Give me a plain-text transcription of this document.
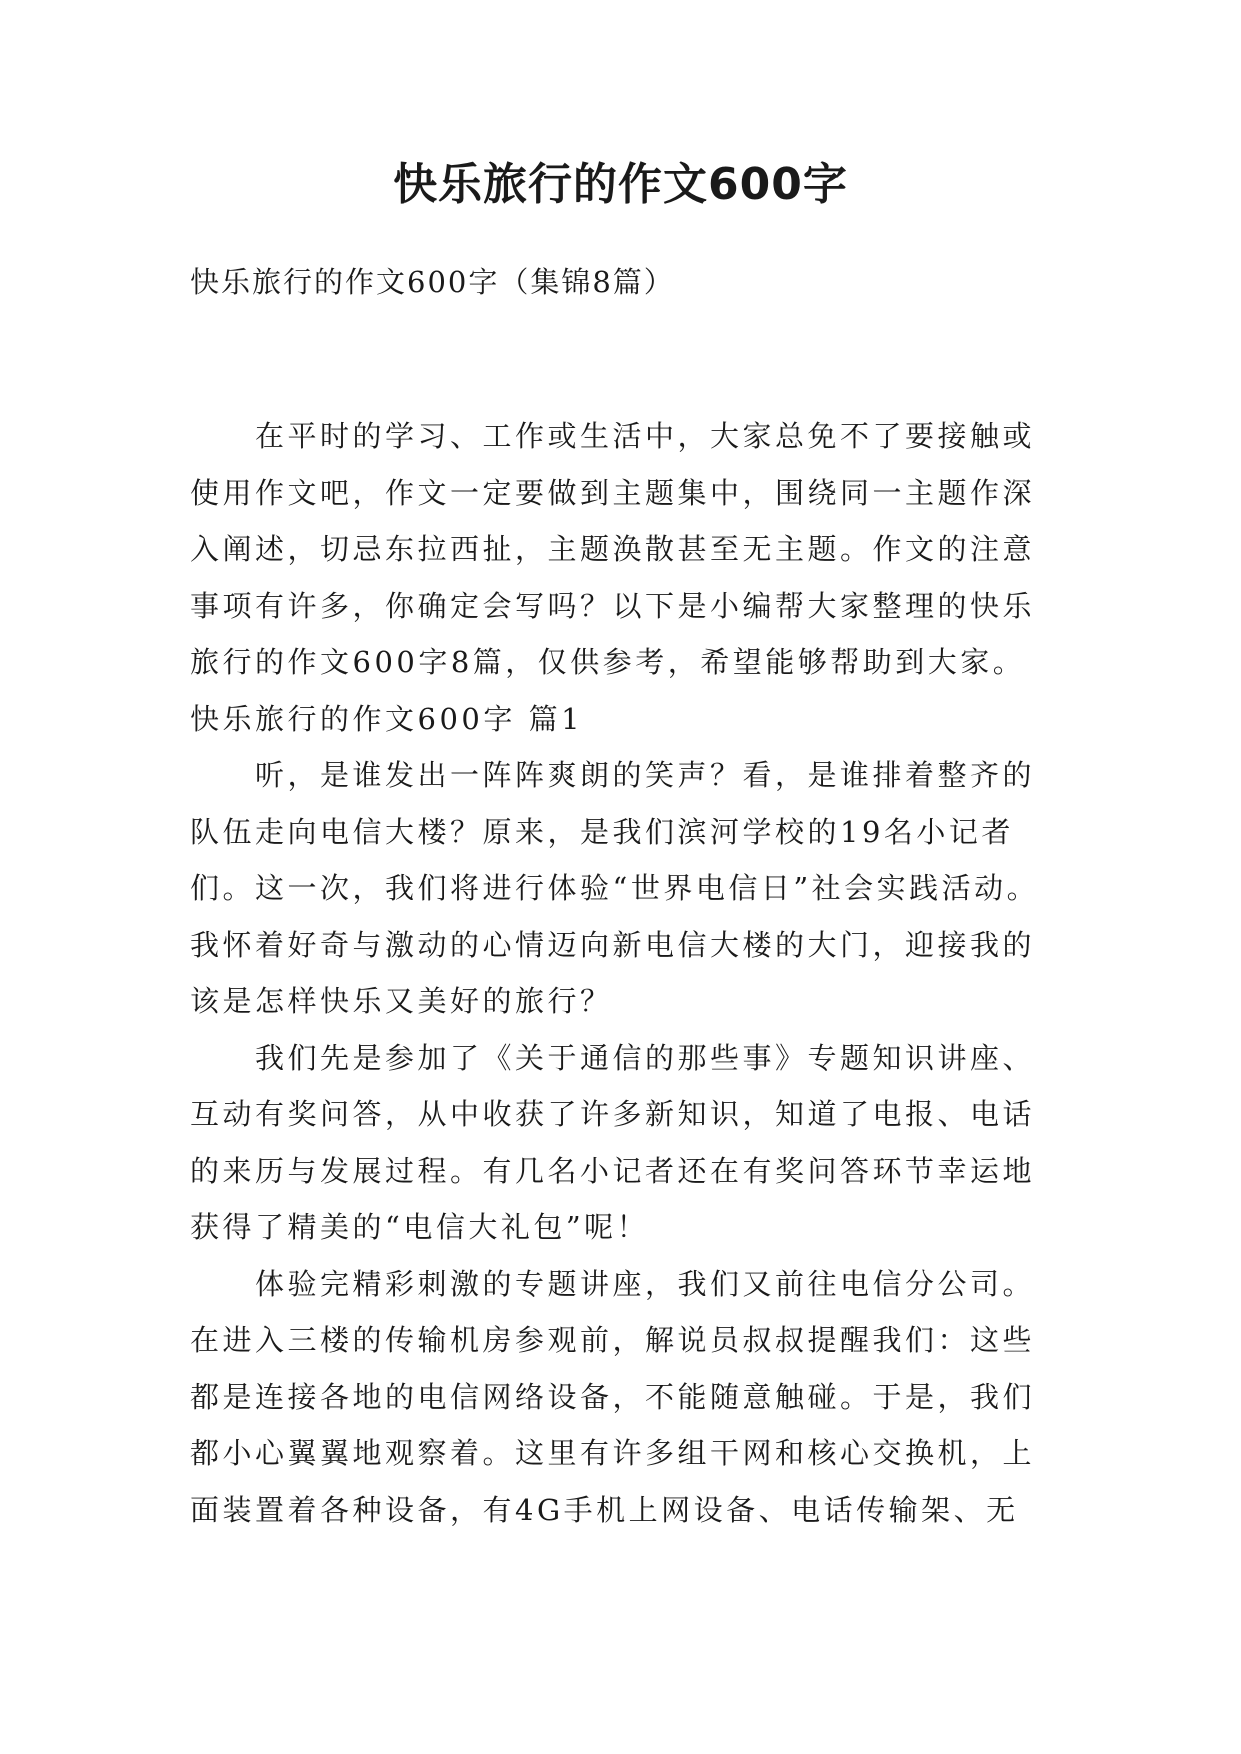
快乐旅行的作文600字
快乐旅行的作文600字（集锦8篇）
在平时的学习、工作或生活中，大家总免不了要接触或
使用作文吧，作文一定要做到主题集中，围绕同一主题作深
入阐述，切忌东拉西扯，主题涣散甚至无主题。作文的注意
事项有许多，你确定会写吗？以下是小编帮大家整理的快乐
旅行的作文600字8篇，仅供参考，希望能够帮助到大家。
快乐旅行的作文600字 篇1
听，是谁发出一阵阵爽朗的笑声？看，是谁排着整齐的
队伍走向电信大楼？原来，是我们滨河学校的19名小记者
们。这一次，我们将进行体验“世界电信日”社会实践活动。
我怀着好奇与激动的心情迈向新电信大楼的大门，迎接我的
该是怎样快乐又美好的旅行？
我们先是参加了《关于通信的那些事》专题知识讲座、
互动有奖问答，从中收获了许多新知识，知道了电报、电话
的来历与发展过程。有几名小记者还在有奖问答环节幸运地
获得了精美的“电信大礼包”呢！
体验完精彩刺激的专题讲座，我们又前往电信分公司。
在进入三楼的传输机房参观前，解说员叔叔提醒我们：这些
都是连接各地的电信网络设备，不能随意触碰。于是，我们
都小心翼翼地观察着。这里有许多组干网和核心交换机，上
面装置着各种设备，有4G手机上网设备、电话传输架、无
